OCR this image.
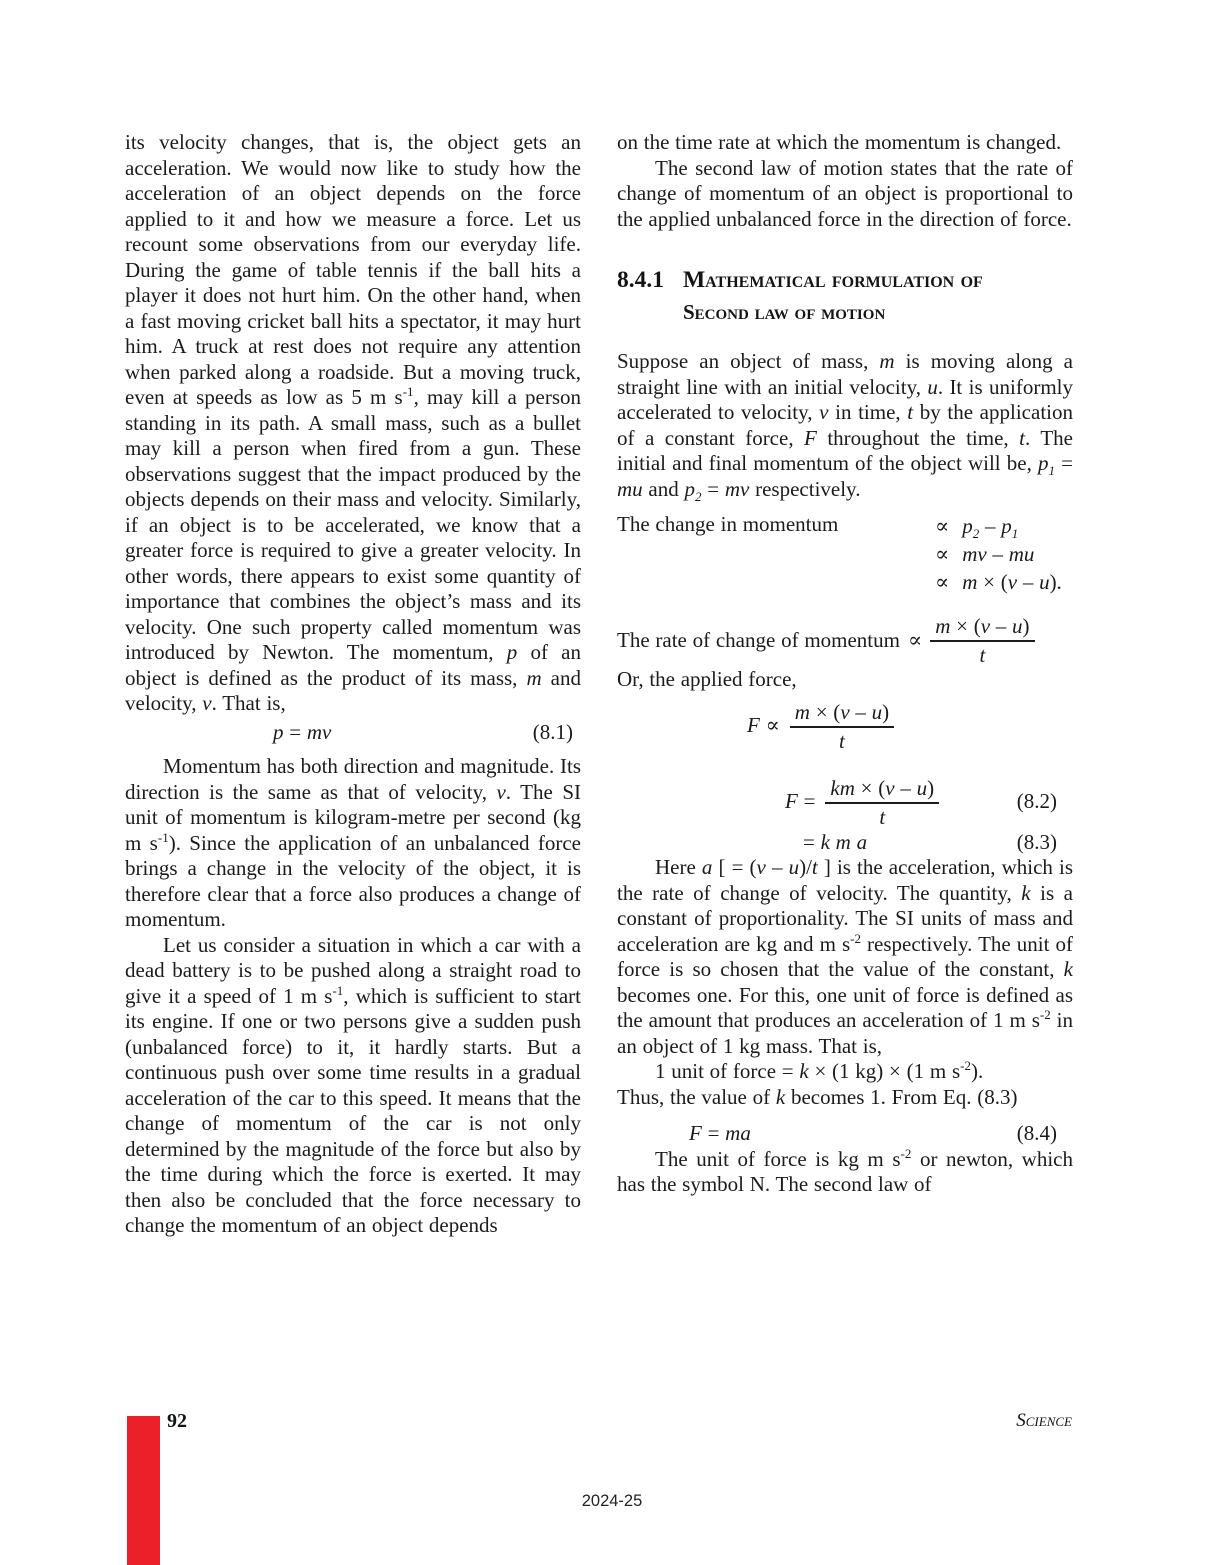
its velocity changes, that is, the object gets an acceleration. We would now like to study how the acceleration of an object depends on the force applied to it and how we measure a force. Let us recount some observations from our everyday life. During the game of table tennis if the ball hits a player it does not hurt him. On the other hand, when a fast moving cricket ball hits a spectator, it may hurt him. A truck at rest does not require any attention when parked along a roadside. But a moving truck, even at speeds as low as 5 m $s^{-1}$, may kill a person standing in its path. A small mass, such as a bullet may kill a person when fired from a gun. These observations suggest that the impact produced by the objects depends on their mass and velocity. Similarly, if an object is to be accelerated, we know that a greater force is required to give a greater velocity. In other words, there appears to exist some quantity of importance that combines the object’s mass and its velocity. One such property called momentum was introduced by Newton. The momentum, p of an object is defined as the product of its mass, m and velocity, v. That is,

p = mv	(8.1)

Momentum has both direction and magnitude. Its direction is the same as that of velocity, v. The SI unit of momentum is kilogram-metre per second (kg m $s^{-1}$). Since the application of an unbalanced force brings a change in the velocity of the object, it is therefore clear that a force also produces a change of momentum.

Let us consider a situation in which a car with a dead battery is to be pushed along a straight road to give it a speed of 1 m $s^{-1}$, which is sufficient to start its engine. If one or two persons give a sudden push (unbalanced force) to it, it hardly starts. But a continuous push over some time results in a gradual acceleration of the car to this speed. It means that the change of momentum of the car is not only determined by the magnitude of the force but also by the time during which the force is exerted. It may then also be concluded that the force necessary to change the momentum of an object depends

on the time rate at which the momentum is changed.

The second law of motion states that the rate of change of momentum of an object is proportional to the applied unbalanced force in the direction of force.

8.4.1 Mathematical formulation of
Second law of motion

Suppose an object of mass, m is moving along a straight line with an initial velocity, u. It is uniformly accelerated to velocity, v in time, t by the application of a constant force, F throughout the time, t. The initial and final momentum of the object will be, $p_1$ = mu and $p_2$ = mv respectively.

The change in momentum	∝ $p_2 - p_1$
∝ mv – mu
∝ m × (v – u).
The rate of change of momentum ∝ $\frac{m \times (v - u)}{t}$

Or, the applied force,

$F \propto \frac{m \times (v - u)}{t}$
$F = \frac{km \times (v - u)}{t}$	(8.2)
= k m a	(8.3)

Here a [ = (v – u)/t ] is the acceleration, which is the rate of change of velocity. The quantity, k is a constant of proportionality. The SI units of mass and acceleration are kg and m $s^{-2}$ respectively. The unit of force is so chosen that the value of the constant, k becomes one. For this, one unit of force is defined as the amount that produces an acceleration of 1 m $s^{-2}$ in an object of 1 kg mass. That is,

1 unit of force = k × (1 kg) × (1 m $s^{-2}$).

Thus, the value of k becomes 1. From Eq. (8.3)

F = ma	(8.4)

The unit of force is kg m $s^{-2}$ or newton, which has the symbol N. The second law of

92	Science
2024-25
